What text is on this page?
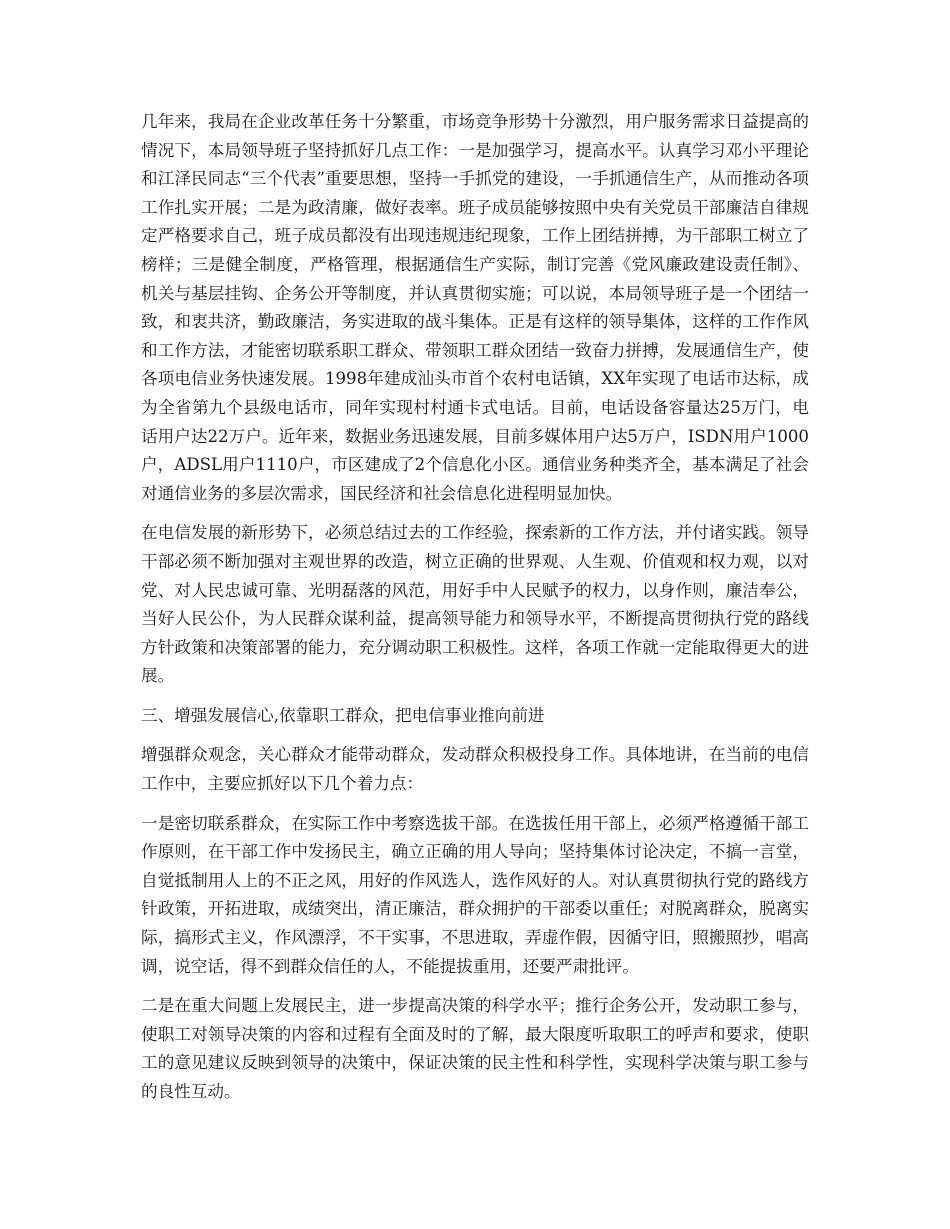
几年来，我局在企业改革任务十分繁重，市场竞争形势十分激烈，用户服务需求日益提高的情况下，本局领导班子坚持抓好几点工作：一是加强学习，提高水平。认真学习邓小平理论和江泽民同志“三个代表”重要思想，坚持一手抓党的建设，一手抓通信生产，从而推动各项工作扎实开展；二是为政清廉，做好表率。班子成员能够按照中央有关党员干部廉洁自律规定严格要求自己，班子成员都没有出现违规违纪现象，工作上团结拼搏，为干部职工树立了榜样；三是健全制度，严格管理，根据通信生产实际，制订完善《党风廉政建设责任制》、机关与基层挂钩、企务公开等制度，并认真贯彻实施；可以说，本局领导班子是一个团结一致，和衷共济，勤政廉洁，务实进取的战斗集体。正是有这样的领导集体，这样的工作作风和工作方法，才能密切联系职工群众、带领职工群众团结一致奋力拼搏，发展通信生产，使各项电信业务快速发展。1998年建成汕头市首个农村电话镇，XX年实现了电话市达标，成为全省第九个县级电话市，同年实现村村通卡式电话。目前，电话设备容量达25万门，电话用户达22万户。近年来，数据业务迅速发展，目前多媒体用户达5万户，ISDN用户1000户，ADSL用户1110户，市区建成了2个信息化小区。通信业务种类齐全，基本满足了社会对通信业务的多层次需求，国民经济和社会信息化进程明显加快。

在电信发展的新形势下，必须总结过去的工作经验，探索新的工作方法，并付诸实践。领导干部必须不断加强对主观世界的改造，树立正确的世界观、人生观、价值观和权力观，以对党、对人民忠诚可靠、光明磊落的风范，用好手中人民赋予的权力，以身作则，廉洁奉公，当好人民公仆，为人民群众谋利益，提高领导能力和领导水平，不断提高贯彻执行党的路线方针政策和决策部署的能力，充分调动职工积极性。这样，各项工作就一定能取得更大的进展。

三、增强发展信心,依靠职工群众，把电信事业推向前进

增强群众观念，关心群众才能带动群众，发动群众积极投身工作。具体地讲，在当前的电信工作中，主要应抓好以下几个着力点：

一是密切联系群众，在实际工作中考察选拔干部。在选拔任用干部上，必须严格遵循干部工作原则，在干部工作中发扬民主，确立正确的用人导向；坚持集体讨论决定，不搞一言堂，自觉抵制用人上的不正之风，用好的作风选人，选作风好的人。对认真贯彻执行党的路线方针政策，开拓进取，成绩突出，清正廉洁，群众拥护的干部委以重任；对脱离群众，脱离实际，搞形式主义，作风漂浮，不干实事，不思进取，弄虚作假，因循守旧，照搬照抄，唱高调，说空话，得不到群众信任的人，不能提拔重用，还要严肃批评。

二是在重大问题上发展民主，进一步提高决策的科学水平；推行企务公开，发动职工参与，使职工对领导决策的内容和过程有全面及时的了解，最大限度听取职工的呼声和要求，使职工的意见建议反映到领导的决策中，保证决策的民主性和科学性，实现科学决策与职工参与的良性互动。
